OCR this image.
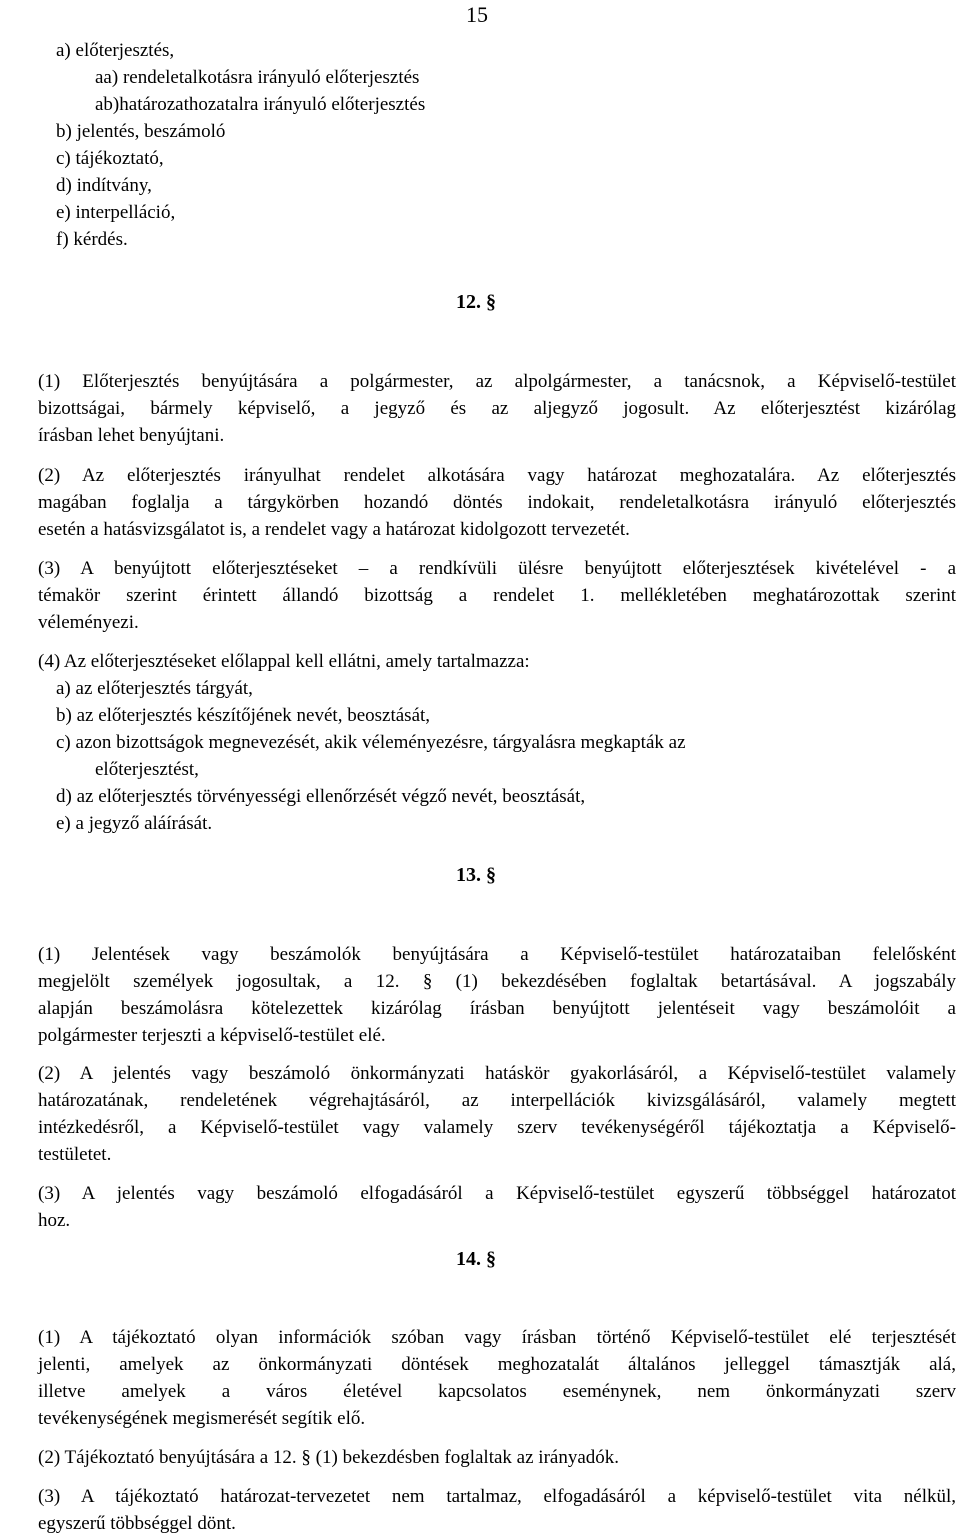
15
a) előterjesztés,
aa) rendeletalkotásra irányuló előterjesztés
ab)határozathozatalra irányuló előterjesztés
b) jelentés, beszámoló
c) tájékoztató,
d) indítvány,
e) interpelláció,
f) kérdés.
12. §
(1) Előterjesztés benyújtására a polgármester, az alpolgármester, a tanácsnok, a Képviselő-testület
bizottságai, bármely képviselő, a jegyző és az aljegyző jogosult. Az előterjesztést kizárólag
írásban lehet benyújtani.
(2) Az előterjesztés irányulhat rendelet alkotására vagy határozat meghozatalára. Az előterjesztés
magában foglalja a tárgykörben hozandó döntés indokait, rendeletalkotásra irányuló előterjesztés
esetén a hatásvizsgálatot is, a rendelet vagy a határozat kidolgozott tervezetét.
(3) A benyújtott előterjesztéseket – a rendkívüli ülésre benyújtott előterjesztések kivételével - a
témakör szerint érintett állandó bizottság a rendelet 1. mellékletében meghatározottak szerint
véleményezi.
(4) Az előterjesztéseket előlappal kell ellátni, amely tartalmazza:
a) az előterjesztés tárgyát,
b) az előterjesztés készítőjének nevét, beosztását,
c) azon bizottságok megnevezését, akik véleményezésre, tárgyalásra megkapták az
előterjesztést,
d) az előterjesztés törvényességi ellenőrzését végző nevét, beosztását,
e) a jegyző aláírását.
13. §
(1) Jelentések vagy beszámolók benyújtására a Képviselő-testület határozataiban felelősként
megjelölt személyek jogosultak, a 12. § (1) bekezdésében foglaltak betartásával. A jogszabály
alapján beszámolásra kötelezettek kizárólag írásban benyújtott jelentéseit vagy beszámolóit a
polgármester terjeszti a képviselő-testület elé.
(2) A jelentés vagy beszámoló önkormányzati hatáskör gyakorlásáról, a Képviselő-testület valamely
határozatának, rendeletének végrehajtásáról, az interpellációk kivizsgálásáról, valamely megtett
intézkedésről, a Képviselő-testület vagy valamely szerv tevékenységéről tájékoztatja a Képviselő-
testületet.
(3) A jelentés vagy beszámoló elfogadásáról a Képviselő-testület egyszerű többséggel határozatot
hoz.
14. §
(1) A tájékoztató olyan információk szóban vagy írásban történő Képviselő-testület elé terjesztését
jelenti, amelyek az önkormányzati döntések meghozatalát általános jelleggel támasztják alá,
illetve amelyek a város életével kapcsolatos eseménynek, nem önkormányzati szerv
tevékenységének megismerését segítik elő.
(2) Tájékoztató benyújtására a 12. § (1) bekezdésben foglaltak az irányadók.
(3) A tájékoztató határozat-tervezetet nem tartalmaz, elfogadásáról a képviselő-testület vita nélkül,
egyszerű többséggel dönt.
